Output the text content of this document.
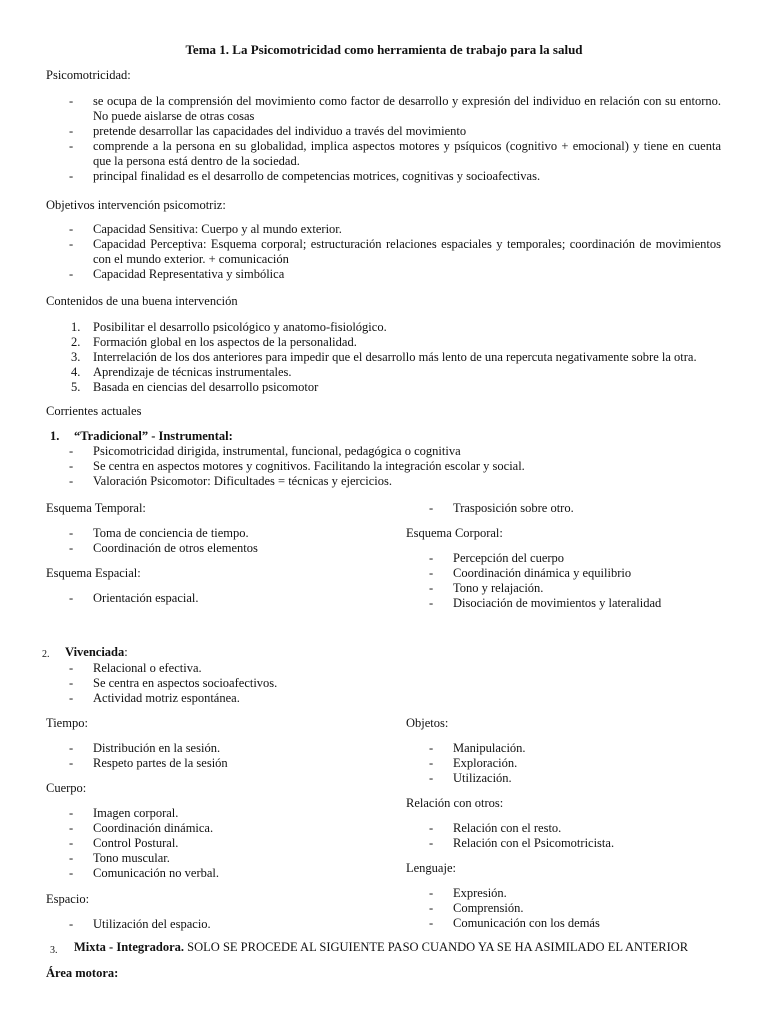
Tema 1. La Psicomotricidad como herramienta de trabajo para la salud
Psicomotricidad:
- se ocupa de la comprensión del movimiento como factor de desarrollo y expresión del individuo en relación con su entorno. No puede aislarse de otras cosas
- pretende desarrollar las capacidades del individuo a través del movimiento
- comprende a la persona en su globalidad, implica aspectos motores y psíquicos (cognitivo + emocional) y tiene en cuenta que la persona está dentro de la sociedad.
- principal finalidad es el desarrollo de competencias motrices, cognitivas y socioafectivas.
Objetivos intervención psicomotriz:
- Capacidad Sensitiva: Cuerpo y al mundo exterior.
- Capacidad Perceptiva: Esquema corporal; estructuración relaciones espaciales y temporales; coordinación de movimientos con el mundo exterior. + comunicación
- Capacidad Representativa y simbólica
Contenidos de una buena intervención
1. Posibilitar el desarrollo psicológico y anatomo-fisiológico.
2. Formación global en los aspectos de la personalidad.
3. Interrelación de los dos anteriores para impedir que el desarrollo más lento de una repercuta negativamente sobre la otra.
4. Aprendizaje de técnicas instrumentales.
5. Basada en ciencias del desarrollo psicomotor
Corrientes actuales
1. “Tradicional” - Instrumental:
- Psicomotricidad dirigida, instrumental, funcional, pedagógica o cognitiva
- Se centra en aspectos motores y cognitivos. Facilitando la integración escolar y social.
- Valoración Psicomotor: Dificultades = técnicas y ejercicios.
Esquema Temporal:
- Toma de conciencia de tiempo.
- Coordinación de otros elementos
Esquema Espacial:
- Orientación espacial.
- Trasposición sobre otro.
Esquema Corporal:
- Percepción del cuerpo
- Coordinación dinámica y equilibrio
- Tono y relajación.
- Disociación de movimientos y lateralidad
2. Vivenciada:
- Relacional o efectiva.
- Se centra en aspectos socioafectivos.
- Actividad motriz espontánea.
Tiempo:
- Distribución en la sesión.
- Respeto partes de la sesión
Cuerpo:
- Imagen corporal.
- Coordinación dinámica.
- Control Postural.
- Tono muscular.
- Comunicación no verbal.
Espacio:
- Utilización del espacio.
Objetos:
- Manipulación.
- Exploración.
- Utilización.
Relación con otros:
- Relación con el resto.
- Relación con el Psicomotricista.
Lenguaje:
- Expresión.
- Comprensión.
- Comunicación con los demás
3. Mixta - Integradora. SOLO SE PROCEDE AL SIGUIENTE PASO CUANDO YA SE HA ASIMILADO EL ANTERIOR
Área motora:
